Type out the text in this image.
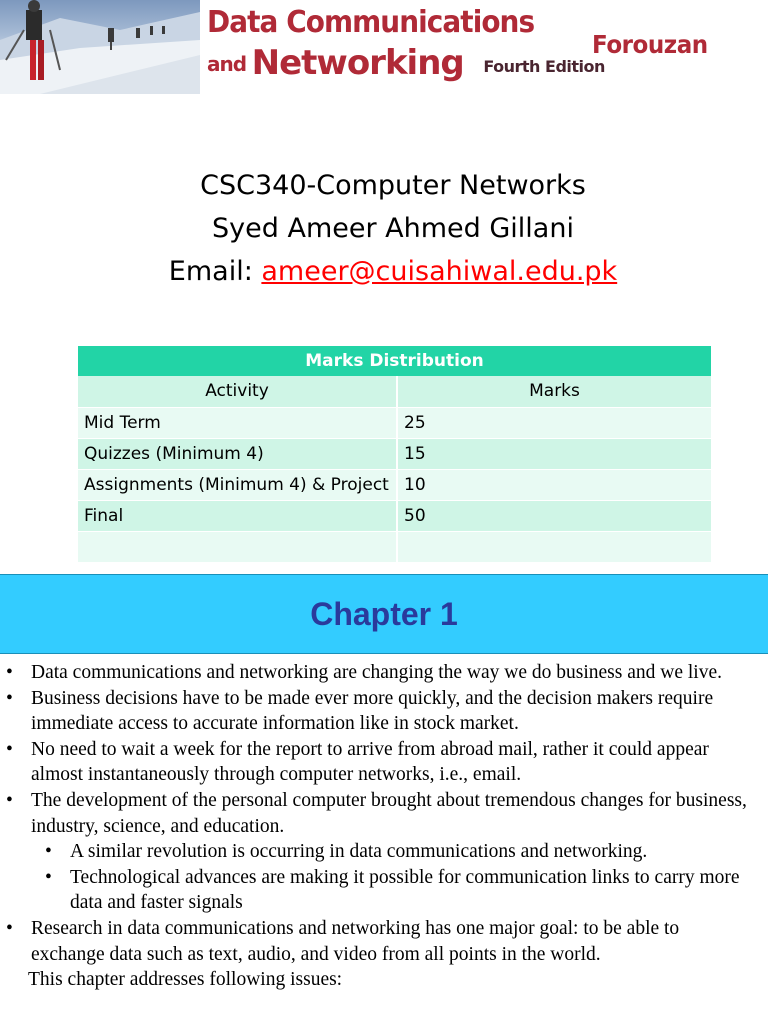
Data Communications
and Networking Fourth Edition
Forouzan
CSC340-Computer Networks
Syed Ameer Ahmed Gillani
Email: ameer@cuisahiwal.edu.pk
Marks Distribution	
Activity	Marks
Mid Term	25
Quizzes (Minimum 4)	15
Assignments (Minimum 4) & Project	10
Final	50

Chapter 1
• Data communications and networking are changing the way we do business and we live.
• Business decisions have to be made ever more quickly, and the decision makers require immediate access to accurate information like in stock market.
• No need to wait a week for the report to arrive from abroad mail, rather it could appear almost instantaneously through computer networks, i.e., email.
• The development of the personal computer brought about tremendous changes for business, industry, science, and education.
• A similar revolution is occurring in data communications and networking.
• Technological advances are making it possible for communication links to carry more data and faster signals
• Research in data communications and networking has one major goal: to be able to exchange data such as text, audio, and video from all points in the world.
This chapter addresses following issues:
